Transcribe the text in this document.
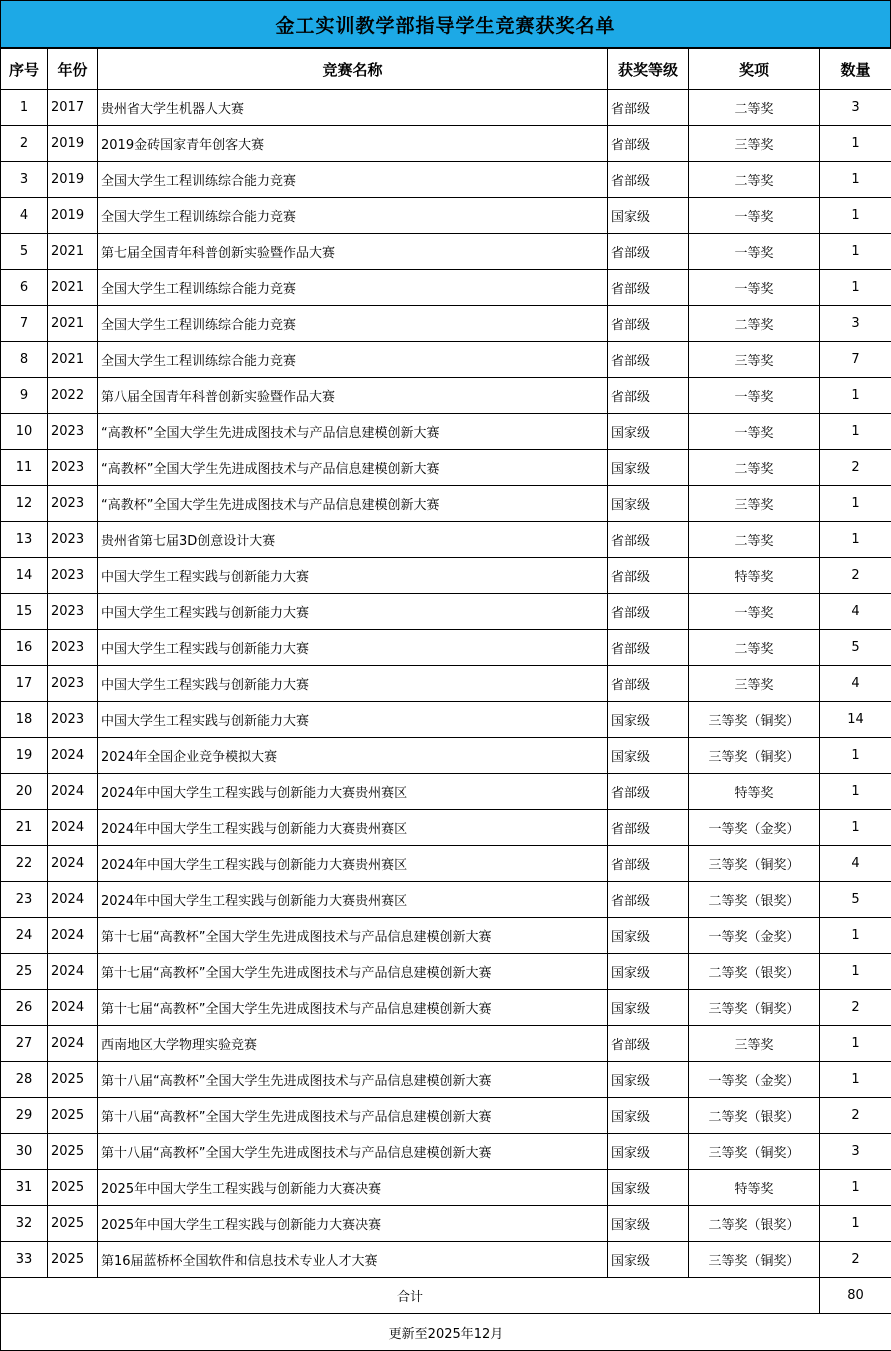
金工实训教学部指导学生竞赛获奖名单
序号	年份	竞赛名称	获奖等级	奖项	数量
1	2017	贵州省大学生机器人大赛	省部级	二等奖	3
2	2019	2019金砖国家青年创客大赛	省部级	三等奖	1
3	2019	全国大学生工程训练综合能力竞赛	省部级	二等奖	1
4	2019	全国大学生工程训练综合能力竞赛	国家级	一等奖	1
5	2021	第七届全国青年科普创新实验暨作品大赛	省部级	一等奖	1
6	2021	全国大学生工程训练综合能力竞赛	省部级	一等奖	1
7	2021	全国大学生工程训练综合能力竞赛	省部级	二等奖	3
8	2021	全国大学生工程训练综合能力竞赛	省部级	三等奖	7
9	2022	第八届全国青年科普创新实验暨作品大赛	省部级	一等奖	1
10	2023	“高教杯”全国大学生先进成图技术与产品信息建模创新大赛	国家级	一等奖	1
11	2023	“高教杯”全国大学生先进成图技术与产品信息建模创新大赛	国家级	二等奖	2
12	2023	“高教杯”全国大学生先进成图技术与产品信息建模创新大赛	国家级	三等奖	1
13	2023	贵州省第七届3D创意设计大赛	省部级	二等奖	1
14	2023	中国大学生工程实践与创新能力大赛	省部级	特等奖	2
15	2023	中国大学生工程实践与创新能力大赛	省部级	一等奖	4
16	2023	中国大学生工程实践与创新能力大赛	省部级	二等奖	5
17	2023	中国大学生工程实践与创新能力大赛	省部级	三等奖	4
18	2023	中国大学生工程实践与创新能力大赛	国家级	三等奖（铜奖）	14
19	2024	2024年全国企业竞争模拟大赛	国家级	三等奖（铜奖）	1
20	2024	2024年中国大学生工程实践与创新能力大赛贵州赛区	省部级	特等奖	1
21	2024	2024年中国大学生工程实践与创新能力大赛贵州赛区	省部级	一等奖（金奖）	1
22	2024	2024年中国大学生工程实践与创新能力大赛贵州赛区	省部级	三等奖（铜奖）	4
23	2024	2024年中国大学生工程实践与创新能力大赛贵州赛区	省部级	二等奖（银奖）	5
24	2024	第十七届“高教杯”全国大学生先进成图技术与产品信息建模创新大赛	国家级	一等奖（金奖）	1
25	2024	第十七届“高教杯”全国大学生先进成图技术与产品信息建模创新大赛	国家级	二等奖（银奖）	1
26	2024	第十七届“高教杯”全国大学生先进成图技术与产品信息建模创新大赛	国家级	三等奖（铜奖）	2
27	2024	西南地区大学物理实验竞赛	省部级	三等奖	1
28	2025	第十八届“高教杯”全国大学生先进成图技术与产品信息建模创新大赛	国家级	一等奖（金奖）	1
29	2025	第十八届“高教杯”全国大学生先进成图技术与产品信息建模创新大赛	国家级	二等奖（银奖）	2
30	2025	第十八届“高教杯”全国大学生先进成图技术与产品信息建模创新大赛	国家级	三等奖（铜奖）	3
31	2025	2025年中国大学生工程实践与创新能力大赛决赛	国家级	特等奖	1
32	2025	2025年中国大学生工程实践与创新能力大赛决赛	国家级	二等奖（银奖）	1
33	2025	第16届蓝桥杯全国软件和信息技术专业人才大赛	国家级	三等奖（铜奖）	2
合计					80
更新至2025年12月					
